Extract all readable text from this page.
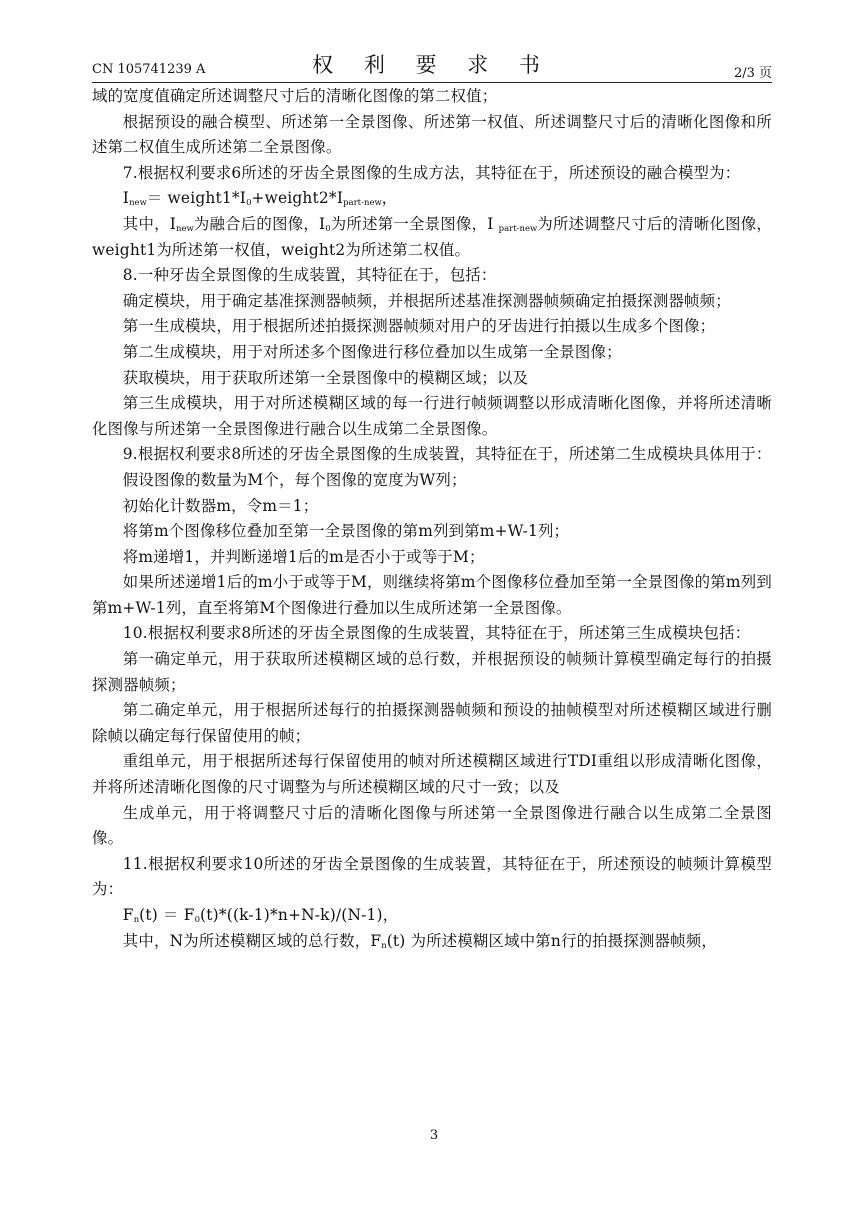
CN 105741239 A	权 利 要 求 书	2/3 页

域的宽度值确定所述调整尺寸后的清晰化图像的第二权值；

根据预设的融合模型、所述第一全景图像、所述第一权值、所述调整尺寸后的清晰化图像和所述第二权值生成所述第二全景图像。

7.根据权利要求6所述的牙齿全景图像的生成方法，其特征在于，所述预设的融合模型为：

$I_{new}=$ $weight1*I_0+weight2*I_{part-new}$，

其中，$I_{new}$为融合后的图像，$I_0$为所述第一全景图像，I $_{part-new}$为所述调整尺寸后的清晰化图像，weight1为所述第一权值，weight2为所述第二权值。

8.一种牙齿全景图像的生成装置，其特征在于，包括：

确定模块，用于确定基准探测器帧频，并根据所述基准探测器帧频确定拍摄探测器帧频；

第一生成模块，用于根据所述拍摄探测器帧频对用户的牙齿进行拍摄以生成多个图像；

第二生成模块，用于对所述多个图像进行移位叠加以生成第一全景图像；

获取模块，用于获取所述第一全景图像中的模糊区域；以及

第三生成模块，用于对所述模糊区域的每一行进行帧频调整以形成清晰化图像，并将所述清晰化图像与所述第一全景图像进行融合以生成第二全景图像。

9.根据权利要求8所述的牙齿全景图像的生成装置，其特征在于，所述第二生成模块具体用于：

假设图像的数量为M个，每个图像的宽度为W列；

初始化计数器m，令m＝1；

将第m个图像移位叠加至第一全景图像的第m列到第m+W-1列；

将m递增1，并判断递增1后的m是否小于或等于M；

如果所述递增1后的m小于或等于M，则继续将第m个图像移位叠加至第一全景图像的第m列到第m+W-1列，直至将第M个图像进行叠加以生成所述第一全景图像。

10.根据权利要求8所述的牙齿全景图像的生成装置，其特征在于，所述第三生成模块包括：

第一确定单元，用于获取所述模糊区域的总行数，并根据预设的帧频计算模型确定每行的拍摄探测器帧频；

第二确定单元，用于根据所述每行的拍摄探测器帧频和预设的抽帧模型对所述模糊区域进行删除帧以确定每行保留使用的帧；

重组单元，用于根据所述每行保留使用的帧对所述模糊区域进行TDI重组以形成清晰化图像，并将所述清晰化图像的尺寸调整为与所述模糊区域的尺寸一致；以及

生成单元，用于将调整尺寸后的清晰化图像与所述第一全景图像进行融合以生成第二全景图像。

11.根据权利要求10所述的牙齿全景图像的生成装置，其特征在于，所述预设的帧频计算模型为：

$F_n(t) = F_0(t)*((k-1)*n+N-k)/(N-1)$，

其中，N为所述模糊区域的总行数，$F_n(t)$ 为所述模糊区域中第n行的拍摄探测器帧频，

3
